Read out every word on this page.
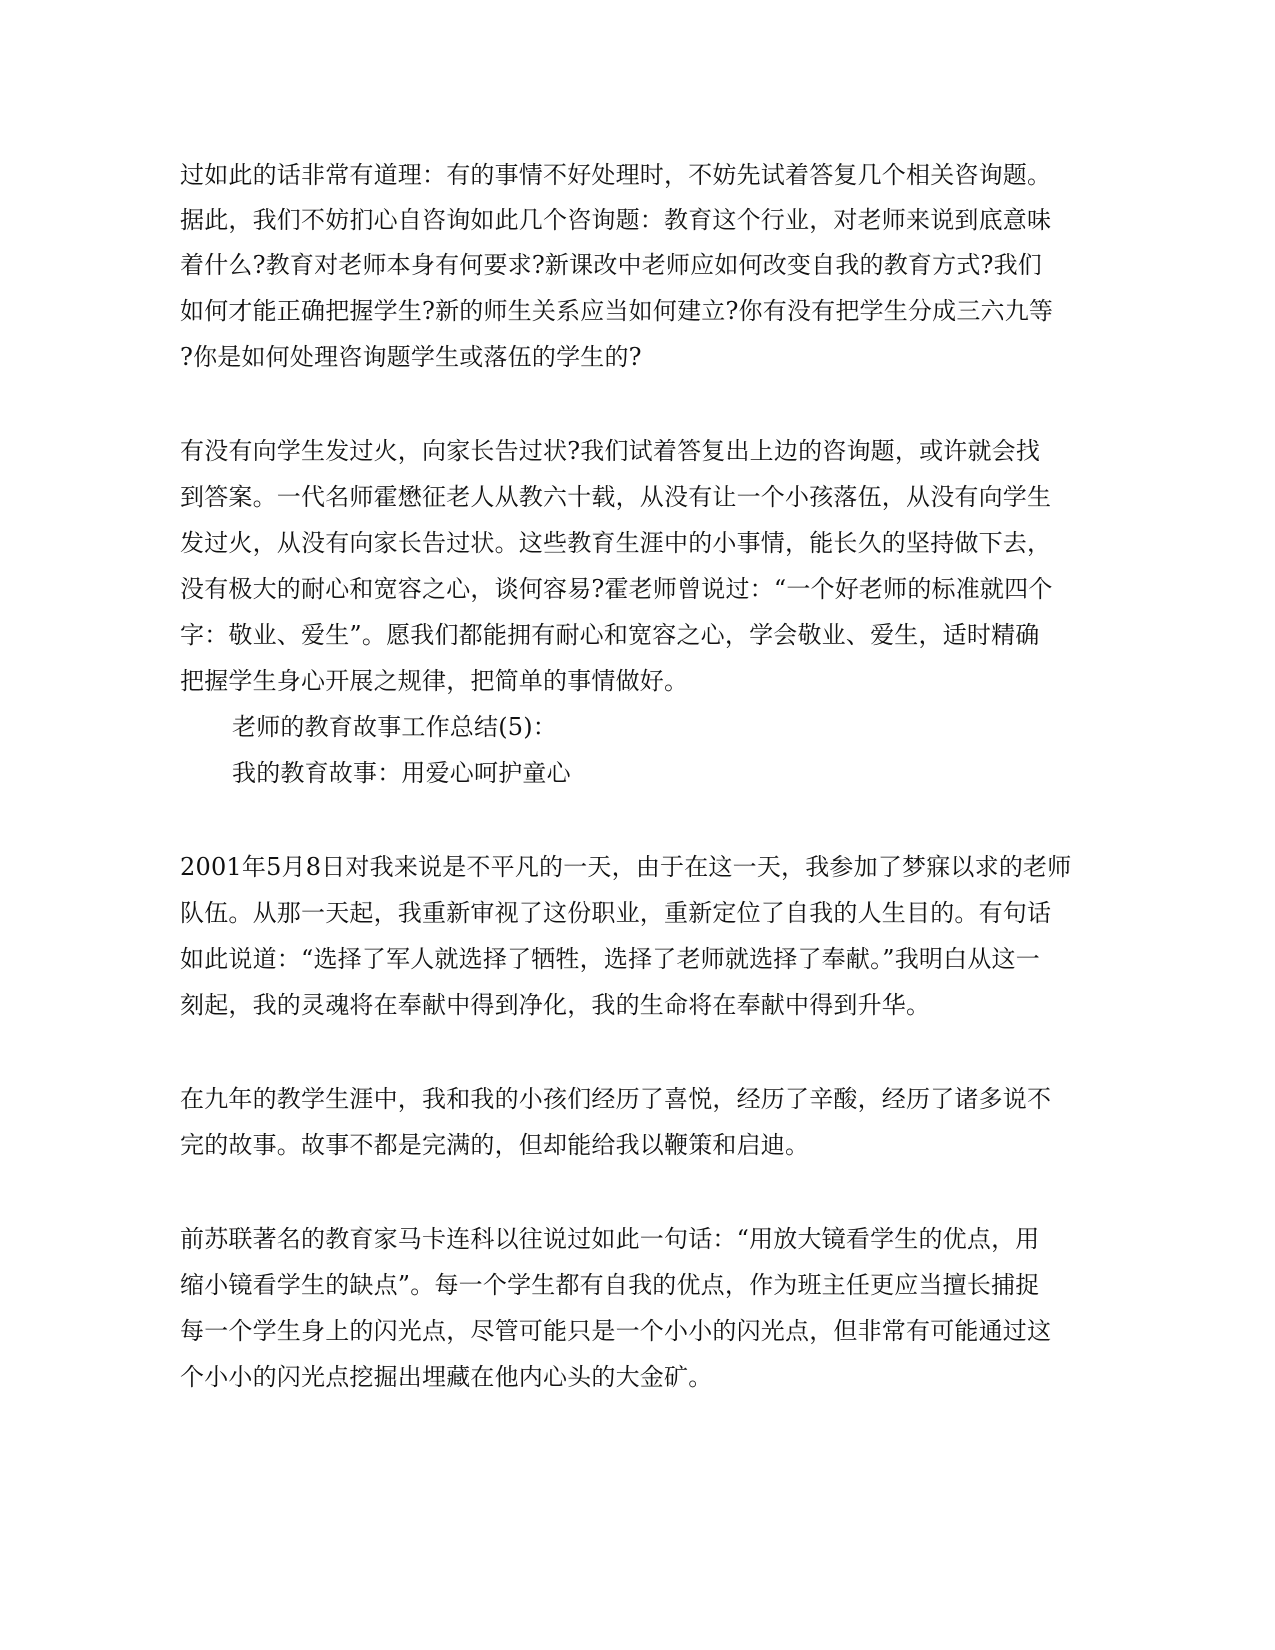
过如此的话非常有道理：有的事情不好处理时，不妨先试着答复几个相关咨询题。
据此，我们不妨扪心自咨询如此几个咨询题：教育这个行业，对老师来说到底意味
着什么?教育对老师本身有何要求?新课改中老师应如何改变自我的教育方式?我们
如何才能正确把握学生?新的师生关系应当如何建立?你有没有把学生分成三六九等
?你是如何处理咨询题学生或落伍的学生的?
有没有向学生发过火，向家长告过状?我们试着答复出上边的咨询题，或许就会找
到答案。一代名师霍懋征老人从教六十载，从没有让一个小孩落伍，从没有向学生
发过火，从没有向家长告过状。这些教育生涯中的小事情，能长久的坚持做下去，
没有极大的耐心和宽容之心，谈何容易?霍老师曾说过：“一个好老师的标准就四个
字：敬业、爱生”。愿我们都能拥有耐心和宽容之心，学会敬业、爱生，适时精确
把握学生身心开展之规律，把简单的事情做好。
老师的教育故事工作总结(5)：
我的教育故事：用爱心呵护童心
2001年5月8日对我来说是不平凡的一天，由于在这一天，我参加了梦寐以求的老师
队伍。从那一天起，我重新审视了这份职业，重新定位了自我的人生目的。有句话
如此说道：“选择了军人就选择了牺牲，选择了老师就选择了奉献。”我明白从这一
刻起，我的灵魂将在奉献中得到净化，我的生命将在奉献中得到升华。
在九年的教学生涯中，我和我的小孩们经历了喜悦，经历了辛酸，经历了诸多说不
完的故事。故事不都是完满的，但却能给我以鞭策和启迪。
前苏联著名的教育家马卡连科以往说过如此一句话：“用放大镜看学生的优点，用
缩小镜看学生的缺点”。每一个学生都有自我的优点，作为班主任更应当擅长捕捉
每一个学生身上的闪光点，尽管可能只是一个小小的闪光点，但非常有可能通过这
个小小的闪光点挖掘出埋藏在他内心头的大金矿。
